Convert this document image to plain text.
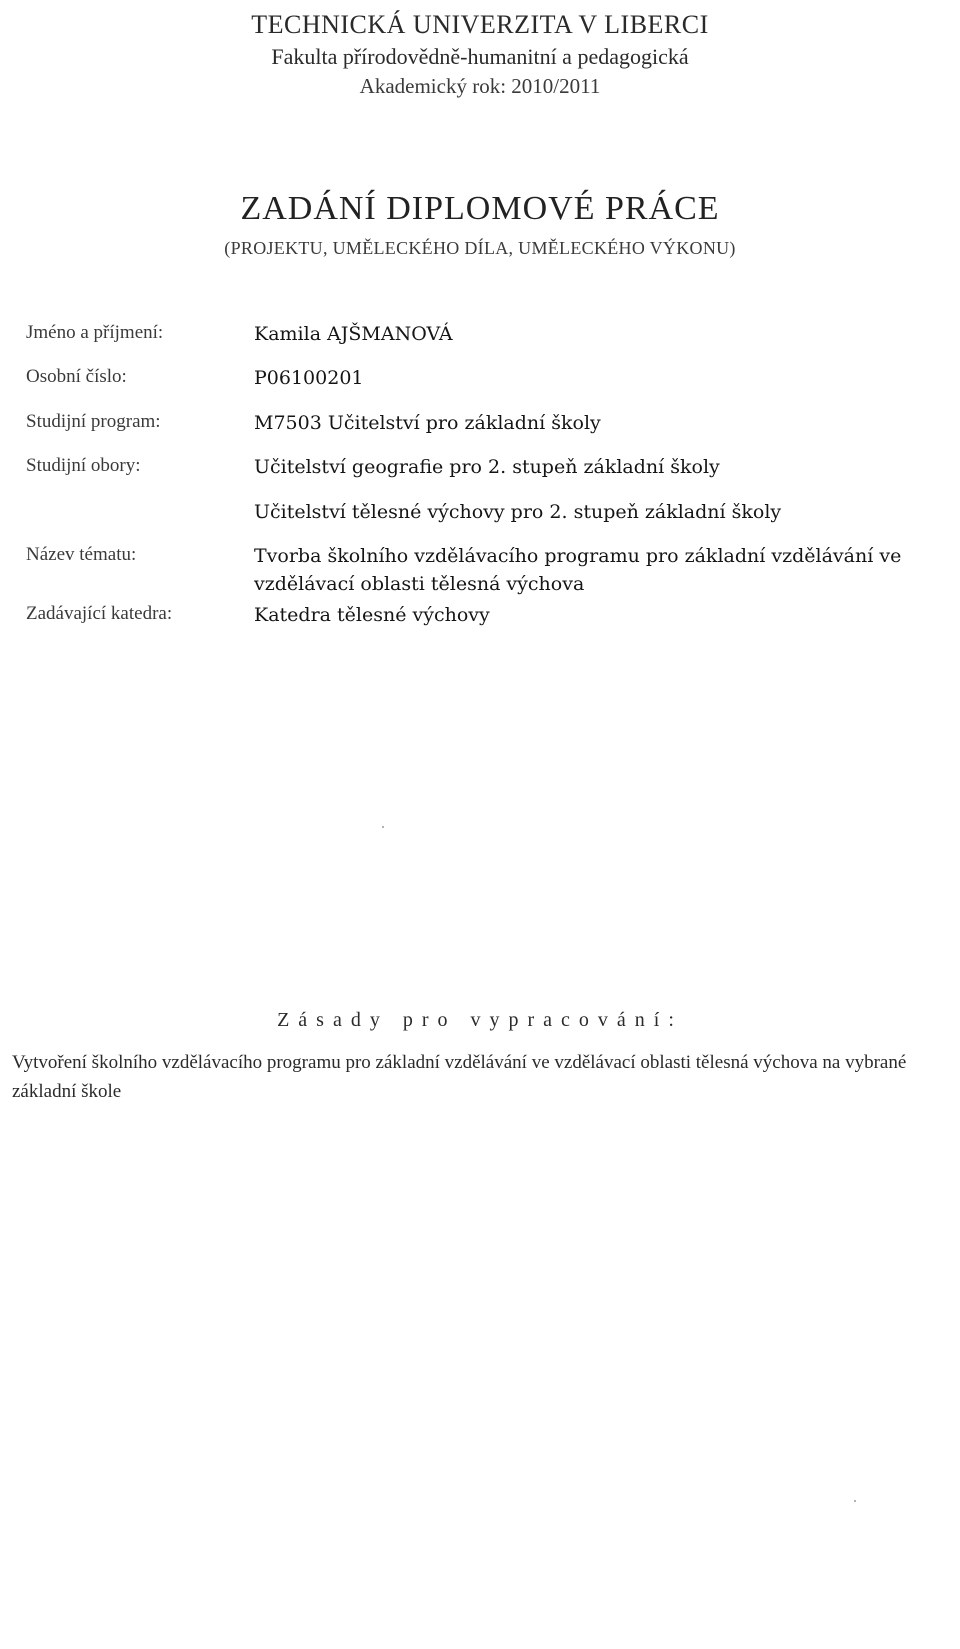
TECHNICKÁ UNIVERZITA V LIBERCI
Fakulta přírodovědně-humanitní a pedagogická
Akademický rok: 2010/2011
ZADÁNÍ DIPLOMOVÉ PRÁCE
(PROJEKTU, UMĚLECKÉHO DÍLA, UMĚLECKÉHO VÝKONU)
Jméno a příjmení:	Kamila AJŠMANOVÁ
Osobní číslo:	P06100201
Studijní program:	M7503 Učitelství pro základní školy
Studijní obory:	Učitelství geografie pro 2. stupeň základní školy
Učitelství tělesné výchovy pro 2. stupeň základní školy
Název tématu:	Tvorba školního vzdělávacího programu pro základní vzdělávání ve vzdělávací oblasti tělesná výchova
Zadávající katedra:	Katedra tělesné výchovy
Zásady pro vypracování:
Vytvoření školního vzdělávacího programu pro základní vzdělávání ve vzdělávací oblasti tělesná výchova na vybrané základní škole
